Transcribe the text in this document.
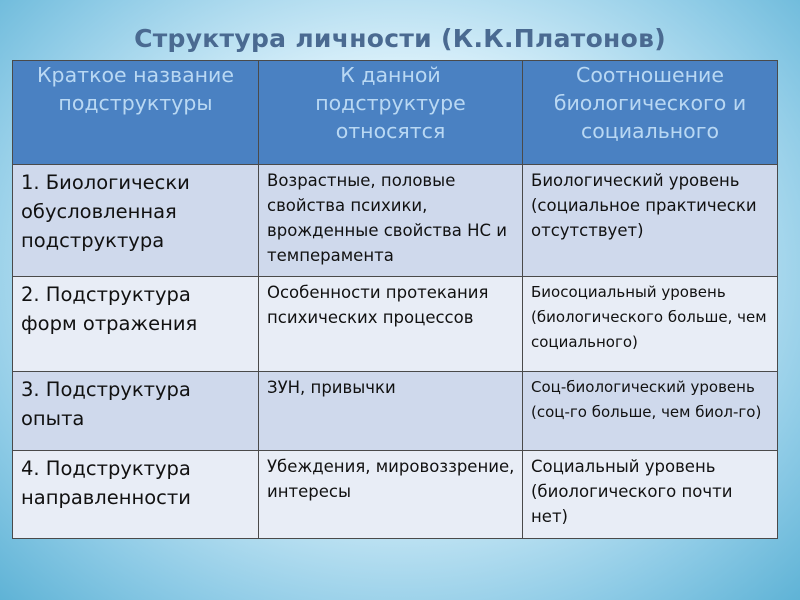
Структура личности (К.К.Платонов)
Краткое название подструктуры	К данной подструктуре относятся	Соотношение биологического и социального
1. Биологически обусловленная подструктура	Возрастные, половые свойства психики, врожденные свойства НС и темперамента	Биологический уровень (социальное практически отсутствует)
2. Подструктура форм отражения	Особенности протекания психических процессов	Биосоциальный уровень (биологического больше, чем социального)
3. Подструктура опыта	ЗУН, привычки	Соц-биологический уровень (соц-го больше, чем биол-го)
4. Подструктура направленности	Убеждения, мировоззрение, интересы	Социальный уровень (биологического почти нет)
